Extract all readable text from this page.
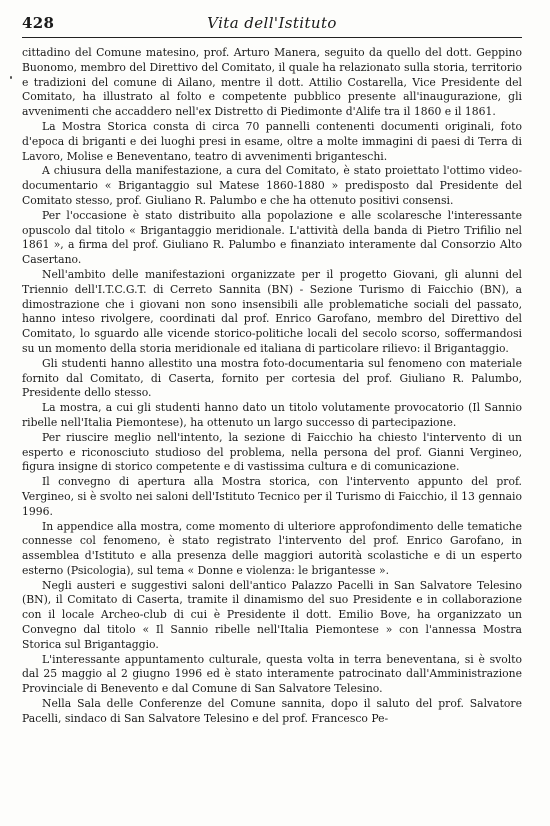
428	Vita dell'Istituto

cittadino del Comune matesino, prof. Arturo Manera, seguito da quello del dott. Geppino Buonomo, membro del Direttivo del Comitato, il quale ha relazionato sulla storia, territorio e tradizioni del comune di Ailano, mentre il dott. Attilio Costarella, Vice Presidente del Comitato, ha illustrato al folto e competente pubblico presente all'inaugurazione, gli avvenimenti che accaddero nell'ex Distretto di Piedimonte d'Alife tra il 1860 e il 1861.

La Mostra Storica consta di circa 70 pannelli contenenti documenti originali, foto d'epoca di briganti e dei luoghi presi in esame, oltre a molte immagini di paesi di Terra di Lavoro, Molise e Beneventano, teatro di avvenimenti briganteschi.

A chiusura della manifestazione, a cura del Comitato, è stato proiettato l'ottimo video-documentario « Brigantaggio sul Matese 1860-1880 » predisposto dal Presidente del Comitato stesso, prof. Giuliano R. Palumbo e che ha ottenuto positivi consensi.

Per l'occasione è stato distribuito alla popolazione e alle scolaresche l'interessante opuscolo dal titolo « Brigantaggio meridionale. L'attività della banda di Pietro Trifilio nel 1861 », a firma del prof. Giuliano R. Palumbo e finanziato interamente dal Consorzio Alto Casertano.

Nell'ambito delle manifestazioni organizzate per il progetto Giovani, gli alunni del Triennio dell'I.T.C.G.T. di Cerreto Sannita (BN) - Sezione Turismo di Faicchio (BN), a dimostrazione che i giovani non sono insensibili alle problematiche sociali del passato, hanno inteso rivolgere, coordinati dal prof. Enrico Garofano, membro del Direttivo del Comitato, lo sguardo alle vicende storico-politiche locali del secolo scorso, soffermandosi su un momento della storia meridionale ed italiana di particolare rilievo: il Brigantaggio.

Gli studenti hanno allestito una mostra foto-documentaria sul fenomeno con materiale fornito dal Comitato, di Caserta, fornito per cortesia del prof. Giuliano R. Palumbo, Presidente dello stesso.

La mostra, a cui gli studenti hanno dato un titolo volutamente provocatorio (Il Sannio ribelle nell'Italia Piemontese), ha ottenuto un largo successo di partecipazione.

Per riuscire meglio nell'intento, la sezione di Faicchio ha chiesto l'intervento di un esperto e riconosciuto studioso del problema, nella persona del prof. Gianni Vergineo, figura insigne di storico competente e di vastissima cultura e di comunicazione.

Il convegno di apertura alla Mostra storica, con l'intervento appunto del prof. Vergineo, si è svolto nei saloni dell'Istituto Tecnico per il Turismo di Faicchio, il 13 gennaio 1996.

In appendice alla mostra, come momento di ulteriore approfondimento delle tematiche connesse col fenomeno, è stato registrato l'intervento del prof. Enrico Garofano, in assemblea d'Istituto e alla presenza delle maggiori autorità scolastiche e di un esperto esterno (Psicologia), sul tema « Donne e violenza: le brigantesse ».

Negli austeri e suggestivi saloni dell'antico Palazzo Pacelli in San Salvatore Telesino (BN), il Comitato di Caserta, tramite il dinamismo del suo Presidente e in collaborazione con il locale Archeo-club di cui è Presidente il dott. Emilio Bove, ha organizzato un Convegno dal titolo « Il Sannio ribelle nell'Italia Piemontese » con l'annessa Mostra Storica sul Brigantaggio.

L'interessante appuntamento culturale, questa volta in terra beneventana, si è svolto dal 25 maggio al 2 giugno 1996 ed è stato interamente patrocinato dall'Amministrazione Provinciale di Benevento e dal Comune di San Salvatore Telesino.

Nella Sala delle Conferenze del Comune sannita, dopo il saluto del prof. Salvatore Pacelli, sindaco di San Salvatore Telesino e del prof. Francesco Pe-
